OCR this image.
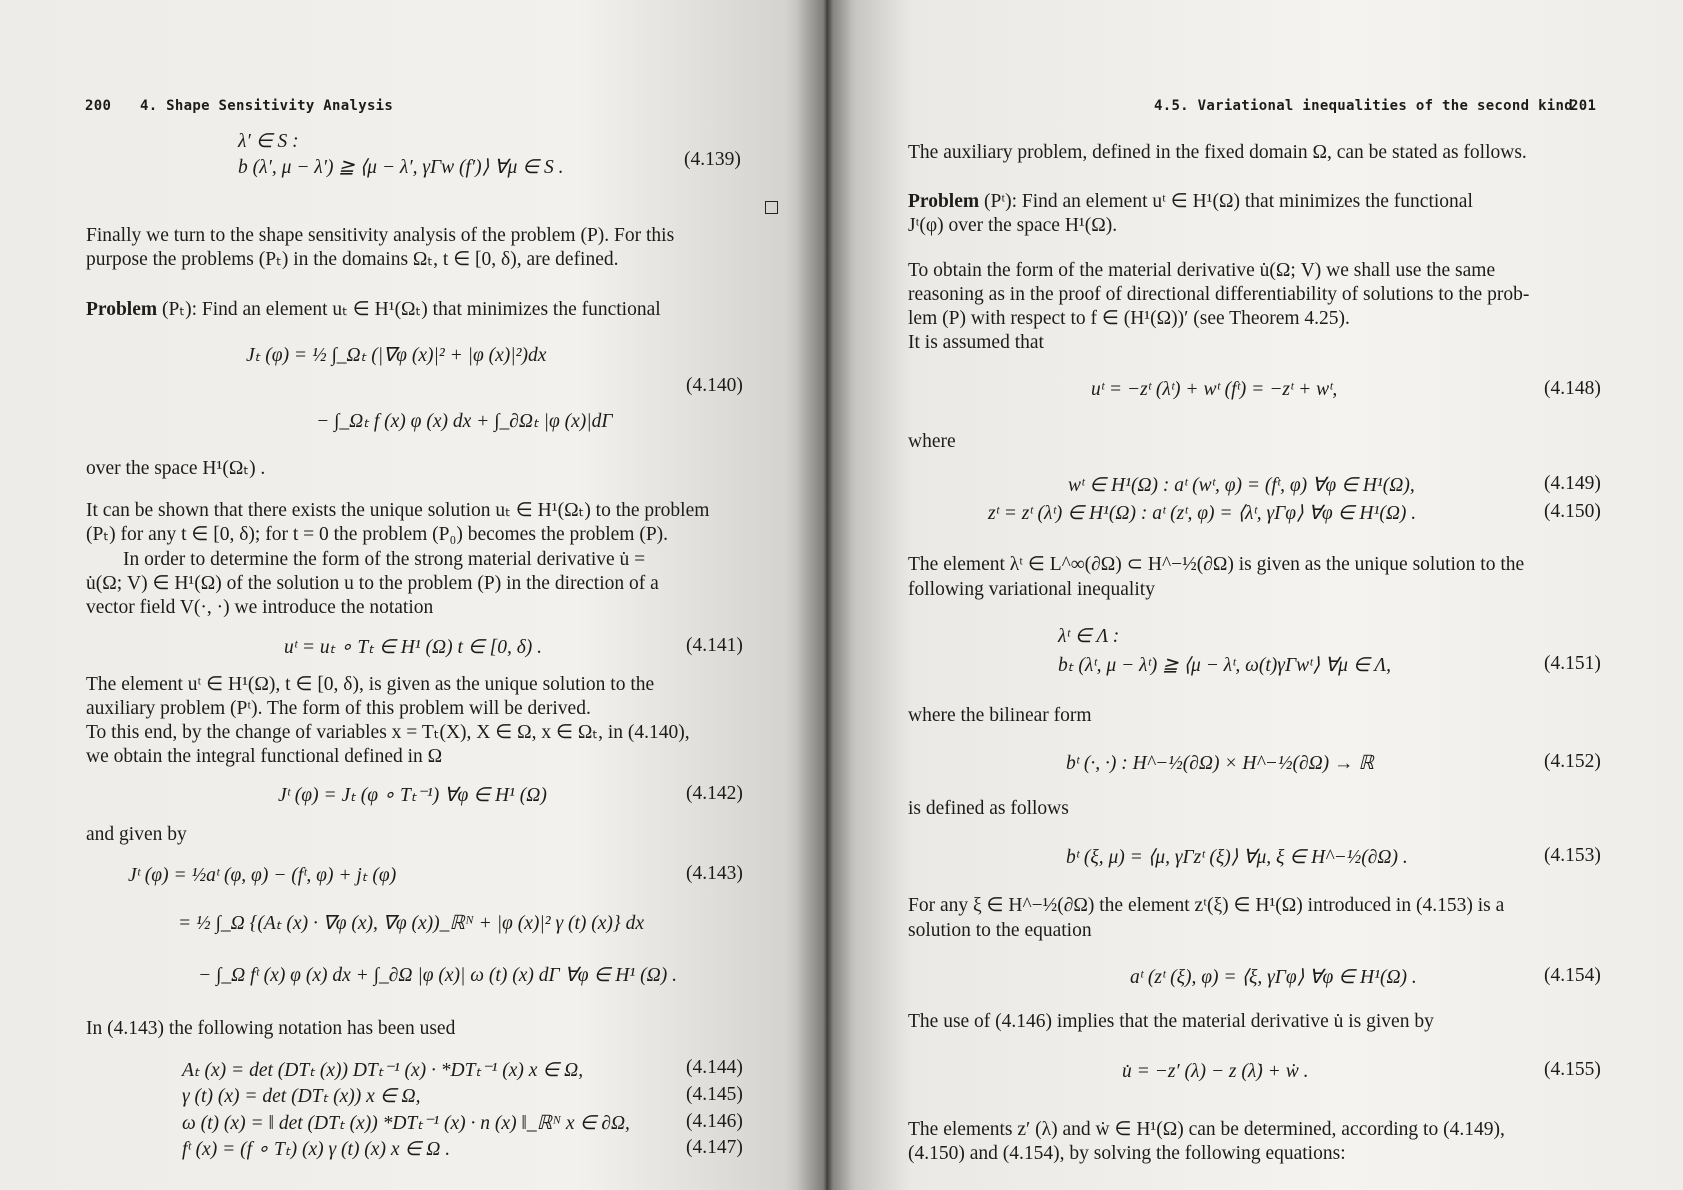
200 4. Shape Sensitivity Analysis
λ′ ∈ S :
b (λ′, μ − λ′) ≧ ⟨μ − λ′, γΓw (f′)⟩ ∀μ ∈ S .	(4.139)
Finally we turn to the shape sensitivity analysis of the problem (P). For this
purpose the problems (Pₜ) in the domains Ωₜ, t ∈ [0, δ), are defined.
Problem (Pₜ): Find an element uₜ ∈ H¹(Ωₜ) that minimizes the functional
Jₜ (φ) = ½ ∫_Ωₜ (|∇φ (x)|² + |φ (x)|²)dx
− ∫_Ωₜ f (x) φ (x) dx + ∫_∂Ωₜ |φ (x)|dΓ
(4.140)
over the space H¹(Ωₜ) .
It can be shown that there exists the unique solution uₜ ∈ H¹(Ωₜ) to the problem
(Pₜ) for any t ∈ [0, δ); for t = 0 the problem (P₀) becomes the problem (P).
In order to determine the form of the strong material derivative u̇ =
u̇(Ω; V) ∈ H¹(Ω) of the solution u to the problem (P) in the direction of a
vector field V(·, ·) we introduce the notation
uᵗ = uₜ ∘ Tₜ ∈ H¹ (Ω) t ∈ [0, δ) .	(4.141)
The element uᵗ ∈ H¹(Ω), t ∈ [0, δ), is given as the unique solution to the
auxiliary problem (Pᵗ). The form of this problem will be derived.
To this end, by the change of variables x = Tₜ(X), X ∈ Ω, x ∈ Ωₜ, in (4.140),
we obtain the integral functional defined in Ω
Jᵗ (φ) = Jₜ (φ ∘ Tₜ⁻¹) ∀φ ∈ H¹ (Ω)	(4.142)
and given by
Jᵗ (φ) = ½aᵗ (φ, φ) − (fᵗ, φ) + jₜ (φ)	(4.143)
= ½ ∫_Ω {(Aₜ (x) · ∇φ (x), ∇φ (x))_ℝᴺ + |φ (x)|² γ (t) (x)} dx
− ∫_Ω fᵗ (x) φ (x) dx + ∫_∂Ω |φ (x)| ω (t) (x) dΓ ∀φ ∈ H¹ (Ω) .
In (4.143) the following notation has been used
Aₜ (x) = det (DTₜ (x)) DTₜ⁻¹ (x) · *DTₜ⁻¹ (x) x ∈ Ω,	(4.144)
γ (t) (x) = det (DTₜ (x)) x ∈ Ω,	(4.145)
ω (t) (x) = ‖ det (DTₜ (x)) *DTₜ⁻¹ (x) · n (x) ‖_ℝᴺ x ∈ ∂Ω,	(4.146)
fᵗ (x) = (f ∘ Tₜ) (x) γ (t) (x) x ∈ Ω .	(4.147)
4.5. Variational inequalities of the second kind
201
The auxiliary problem, defined in the fixed domain Ω, can be stated as follows.
Problem (Pᵗ): Find an element uᵗ ∈ H¹(Ω) that minimizes the functional
Jᵗ(φ) over the space H¹(Ω).
To obtain the form of the material derivative u̇(Ω; V) we shall use the same
reasoning as in the proof of directional differentiability of solutions to the prob-
lem (P) with respect to f ∈ (H¹(Ω))′ (see Theorem 4.25).
It is assumed that
uᵗ = −zᵗ (λᵗ) + wᵗ (fᵗ) = −zᵗ + wᵗ,	(4.148)
where
wᵗ ∈ H¹(Ω) : aᵗ (wᵗ, φ) = (fᵗ, φ) ∀φ ∈ H¹(Ω),	(4.149)
zᵗ = zᵗ (λᵗ) ∈ H¹(Ω) : aᵗ (zᵗ, φ) = ⟨λᵗ, γΓφ⟩ ∀φ ∈ H¹(Ω) .	(4.150)
The element λᵗ ∈ L^∞(∂Ω) ⊂ H^−½(∂Ω) is given as the unique solution to the
following variational inequality
λᵗ ∈ Λ :
bₜ (λᵗ, μ − λᵗ) ≧ ⟨μ − λᵗ, ω(t)γΓwᵗ⟩ ∀μ ∈ Λ,	(4.151)
where the bilinear form
bᵗ (·, ·) : H^−½(∂Ω) × H^−½(∂Ω) → ℝ	(4.152)
is defined as follows
bᵗ (ξ, μ) = ⟨μ, γΓzᵗ (ξ)⟩ ∀μ, ξ ∈ H^−½(∂Ω) .	(4.153)
For any ξ ∈ H^−½(∂Ω) the element zᵗ(ξ) ∈ H¹(Ω) introduced in (4.153) is a
solution to the equation
aᵗ (zᵗ (ξ), φ) = ⟨ξ, γΓφ⟩ ∀φ ∈ H¹(Ω) .	(4.154)
The use of (4.146) implies that the material derivative u̇ is given by
u̇ = −z′ (λ) − z (λ̇) + ẇ .	(4.155)
The elements z′ (λ) and ẇ ∈ H¹(Ω) can be determined, according to (4.149),
(4.150) and (4.154), by solving the following equations:
